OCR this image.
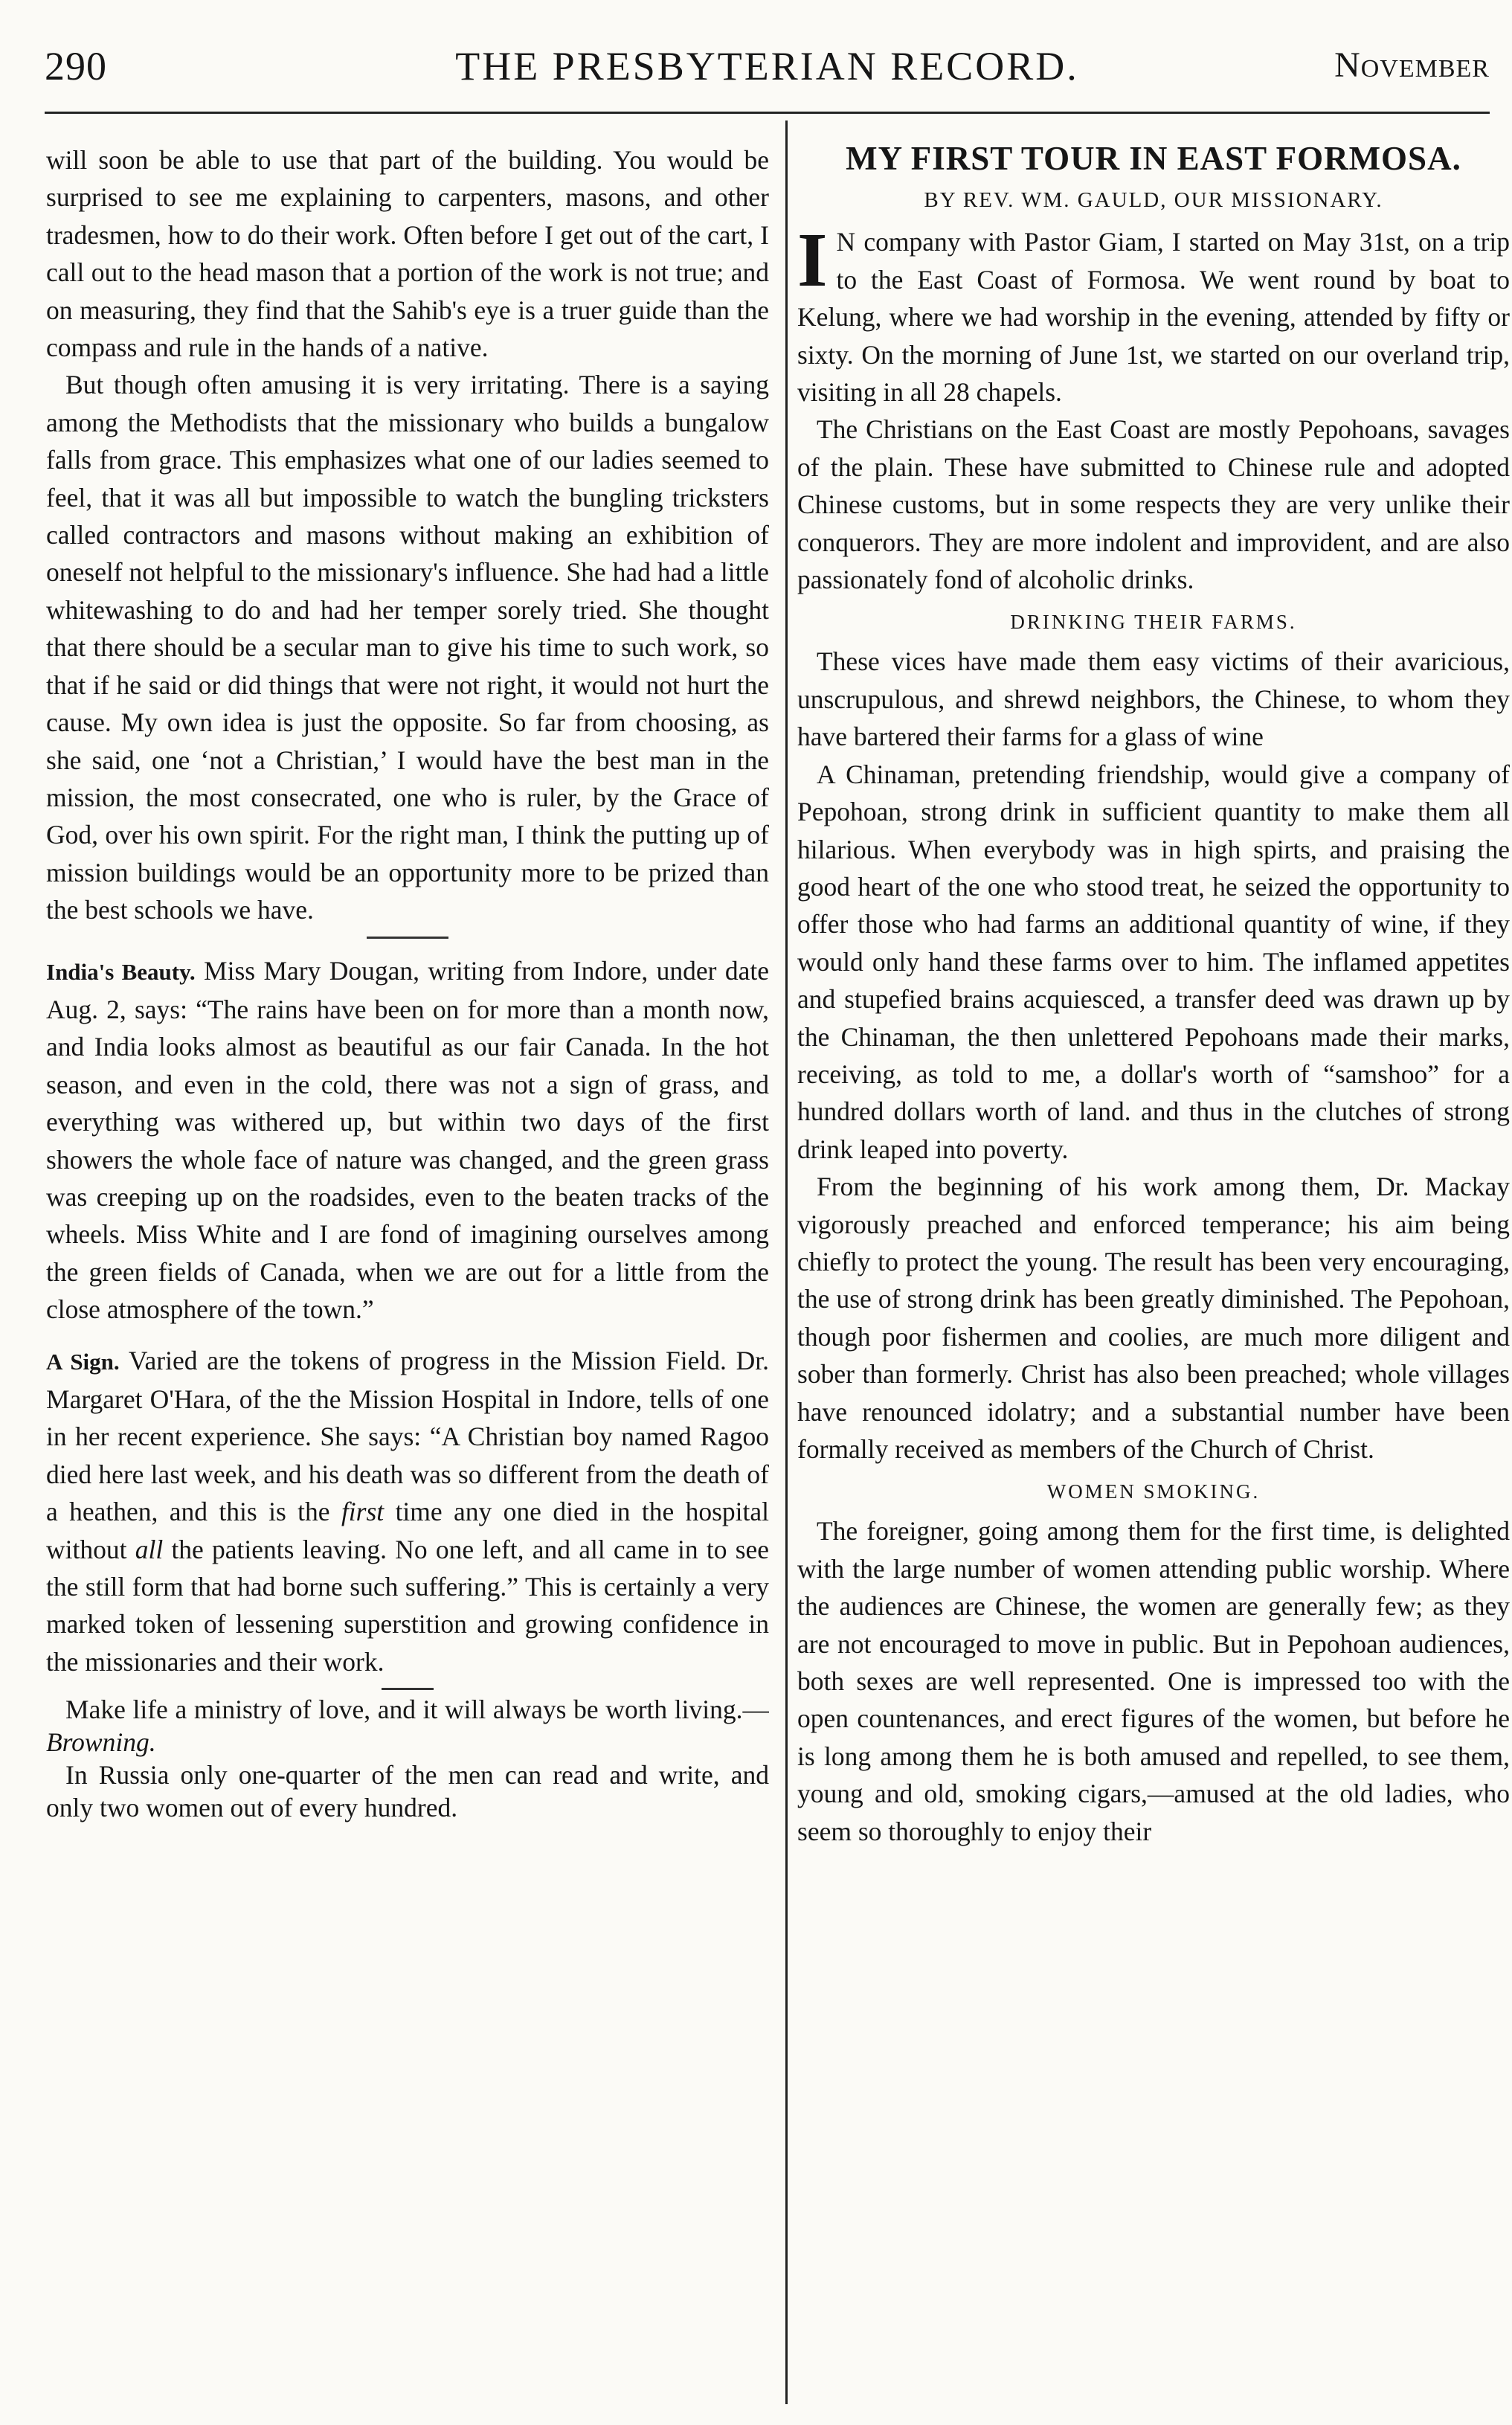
290	THE PRESBYTERIAN RECORD.	November

will soon be able to use that part of the building. You would be surprised to see me explaining to carpenters, masons, and other tradesmen, how to do their work. Often before I get out of the cart, I call out to the head mason that a portion of the work is not true; and on measuring, they find that the Sahib's eye is a truer guide than the compass and rule in the hands of a native.

But though often amusing it is very irritating. There is a saying among the Methodists that the missionary who builds a bungalow falls from grace. This emphasizes what one of our ladies seemed to feel, that it was all but impossible to watch the bungling tricksters called contractors and masons without making an exhibition of oneself not helpful to the missionary's influence. She had had a little whitewashing to do and had her temper sorely tried. She thought that there should be a secular man to give his time to such work, so that if he said or did things that were not right, it would not hurt the cause. My own idea is just the opposite. So far from choosing, as she said, one ‘not a Christian,’ I would have the best man in the mission, the most consecrated, one who is ruler, by the Grace of God, over his own spirit. For the right man, I think the putting up of mission buildings would be an opportunity more to be prized than the best schools we have.

India's Beauty. Miss Mary Dougan, writing from Indore, under date Aug. 2, says: “The rains have been on for more than a month now, and India looks almost as beautiful as our fair Canada. In the hot season, and even in the cold, there was not a sign of grass, and everything was withered up, but within two days of the first showers the whole face of nature was changed, and the green grass was creeping up on the roadsides, even to the beaten tracks of the wheels. Miss White and I are fond of imagining ourselves among the green fields of Canada, when we are out for a little from the close atmosphere of the town.”

A Sign. Varied are the tokens of progress in the Mission Field. Dr. Margaret O'Hara, of the the Mission Hospital in Indore, tells of one in her recent experience. She says: “A Christian boy named Ragoo died here last week, and his death was so different from the death of a heathen, and this is the first time any one died in the hospital without all the patients leaving. No one left, and all came in to see the still form that had borne such suffering.” This is certainly a very marked token of lessening superstition and growing confidence in the missionaries and their work.

Make life a ministry of love, and it will always be worth living.—Browning.

In Russia only one-quarter of the men can read and write, and only two women out of every hundred.

MY FIRST TOUR IN EAST FORMOSA.
BY REV. WM. GAULD, OUR MISSIONARY.

I N company with Pastor Giam, I started on May 31st, on a trip to the East Coast of Formosa. We went round by boat to Kelung, where we had worship in the evening, attended by fifty or sixty. On the morning of June 1st, we started on our overland trip, visiting in all 28 chapels.

The Christians on the East Coast are mostly Pepohoans, savages of the plain. These have submitted to Chinese rule and adopted Chinese customs, but in some respects they are very unlike their conquerors. They are more indolent and improvident, and are also passionately fond of alcoholic drinks.

DRINKING THEIR FARMS.

These vices have made them easy victims of their avaricious, unscrupulous, and shrewd neighbors, the Chinese, to whom they have bartered their farms for a glass of wine

A Chinaman, pretending friendship, would give a company of Pepohoan, strong drink in sufficient quantity to make them all hilarious. When everybody was in high spirts, and praising the good heart of the one who stood treat, he seized the opportunity to offer those who had farms an additional quantity of wine, if they would only hand these farms over to him. The inflamed appetites and stupefied brains acquiesced, a transfer deed was drawn up by the Chinaman, the then unlettered Pepohoans made their marks, receiving, as told to me, a dollar's worth of “samshoo” for a hundred dollars worth of land. and thus in the clutches of strong drink leaped into poverty.

From the beginning of his work among them, Dr. Mackay vigorously preached and enforced temperance; his aim being chiefly to protect the young. The result has been very encouraging, the use of strong drink has been greatly diminished. The Pepohoan, though poor fishermen and coolies, are much more diligent and sober than formerly. Christ has also been preached; whole villages have renounced idolatry; and a substantial number have been formally received as members of the Church of Christ.

WOMEN SMOKING.

The foreigner, going among them for the first time, is delighted with the large number of women attending public worship. Where the audiences are Chinese, the women are generally few; as they are not encouraged to move in public. But in Pepohoan audiences, both sexes are well represented. One is impressed too with the open countenances, and erect figures of the women, but before he is long among them he is both amused and repelled, to see them, young and old, smoking cigars,—amused at the old ladies, who seem so thoroughly to enjoy their
